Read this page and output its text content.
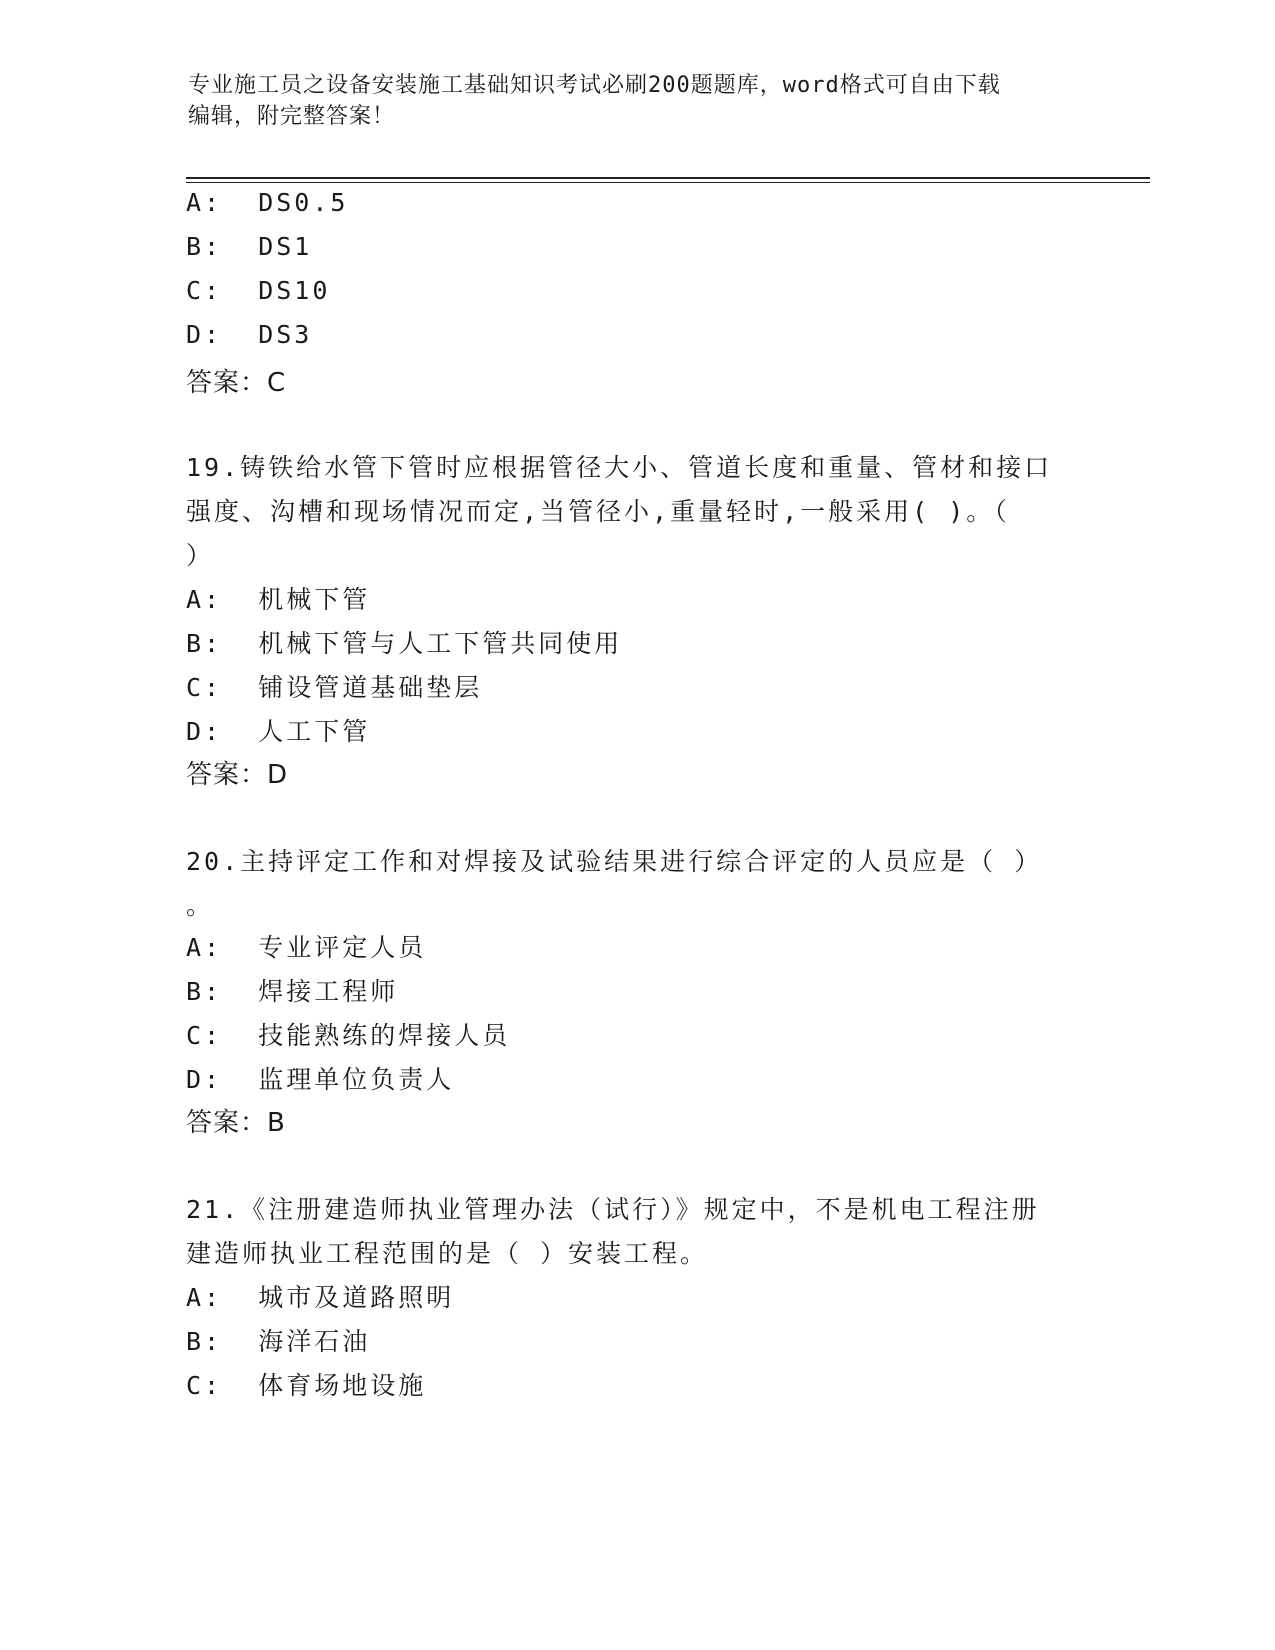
专业施工员之设备安装施工基础知识考试必刷200题题库，word格式可自由下载
编辑，附完整答案！
A:  DS0.5
B:  DS1
C:  DS10
D:  DS3
答案：C
19.铸铁给水管下管时应根据管径大小、管道长度和重量、管材和接口
强度、沟槽和现场情况而定,当管径小,重量轻时,一般采用( )。（
）
A:  机械下管
B:  机械下管与人工下管共同使用
C:  铺设管道基础垫层
D:  人工下管
答案：D
20.主持评定工作和对焊接及试验结果进行综合评定的人员应是（ ）
。
A:  专业评定人员
B:  焊接工程师
C:  技能熟练的焊接人员
D:  监理单位负责人
答案：B
21.《注册建造师执业管理办法（试行）》规定中，不是机电工程注册
建造师执业工程范围的是（ ）安装工程。
A:  城市及道路照明
B:  海洋石油
C:  体育场地设施
